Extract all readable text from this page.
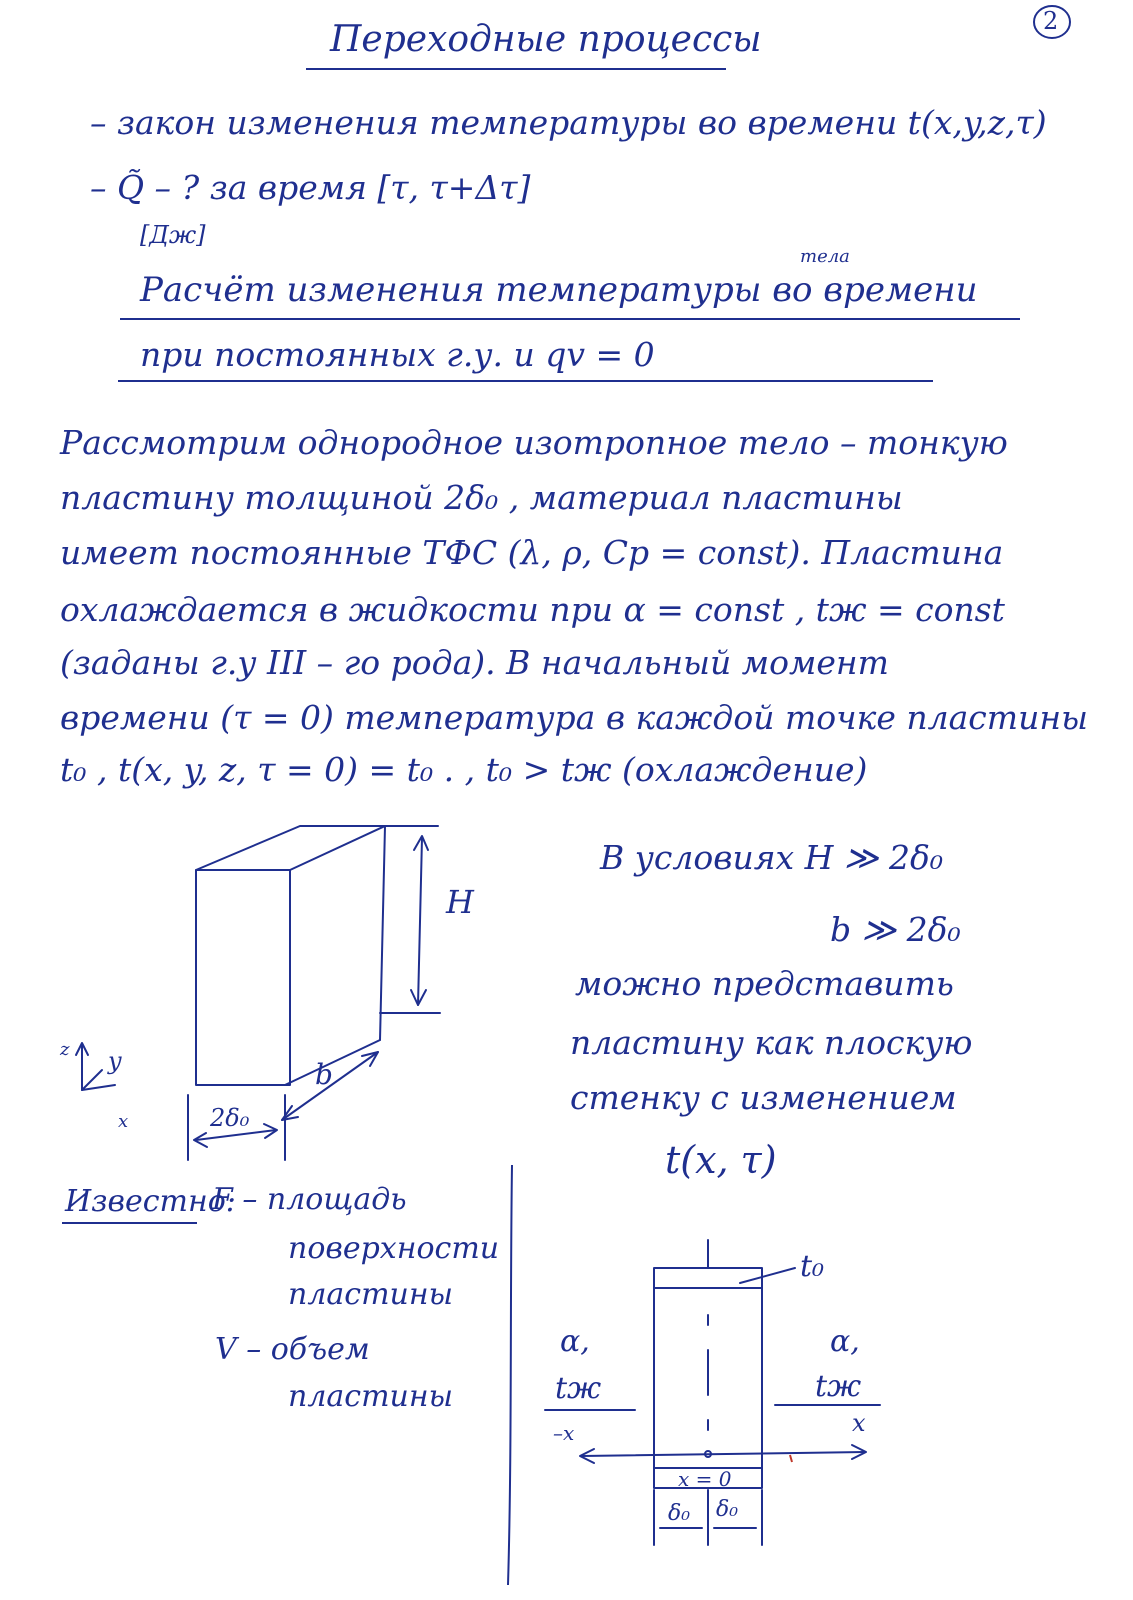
Переходные процессы	2
– закон изменения температуры во времени t(x,y,z,τ)
– Q̃ – ? за время [τ, τ+Δτ]
[Дж]
тела
Расчёт изменения температуры во времени
при постоянных г.у. и qv = 0
Рассмотрим однородное изотропное тело – тонкую
пластину толщиной 2δ₀ , материал пластины
имеет постоянные ТФС (λ, ρ, Cp = const). Пластина
охлаждается в жидкости при α = const , tж = const
(заданы г.у III – го рода). В начальный момент
времени (τ = 0) температура в каждой точке пластины
t₀ , t(x, y, z, τ = 0) = t₀ . , t₀ > tж (охлаждение)
В условиях H ≫ 2δ₀
b ≫ 2δ₀
можно представить
пластину как плоскую
стенку с изменением
t(x, τ)
H
b
2δ₀
z y
x
Известно:
F – площадь
поверхности
пластины
V – объем
пластины
t₀
α,
tж
α,
tж
–x	x
x = 0
δ₀ δ₀
